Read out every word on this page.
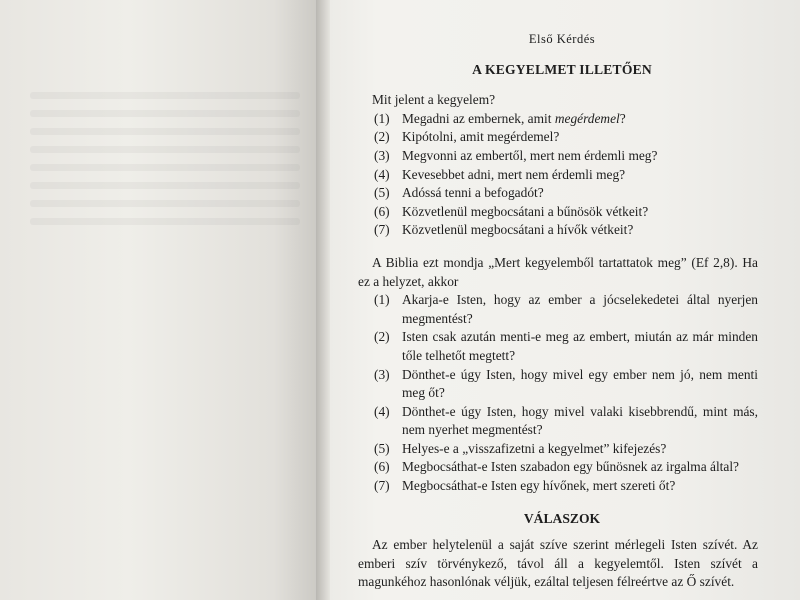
Első Kérdés
A KEGYELMET ILLETŐEN
Mit jelent a kegyelem?
(1) Megadni az embernek, amit megérdemel?
(2) Kipótolni, amit megérdemel?
(3) Megvonni az embertől, mert nem érdemli meg?
(4) Kevesebbet adni, mert nem érdemli meg?
(5) Adóssá tenni a befogadót?
(6) Közvetlenül megbocsátani a bűnösök vétkeit?
(7) Közvetlenül megbocsátani a hívők vétkeit?
A Biblia ezt mondja „Mert kegyelemből tartattatok meg” (Ef 2,8). Ha ez a helyzet, akkor
(1) Akarja-e Isten, hogy az ember a jócselekedetei által nyerjen megmentést?
(2) Isten csak azután menti-e meg az embert, miután az már minden tőle telhetőt megtett?
(3) Dönthet-e úgy Isten, hogy mivel egy ember nem jó, nem menti meg őt?
(4) Dönthet-e úgy Isten, hogy mivel valaki kisebbrendű, mint más, nem nyerhet megmentést?
(5) Helyes-e a „visszafizetni a kegyelmet” kifejezés?
(6) Megbocsáthat-e Isten szabadon egy bűnösnek az irgalma által?
(7) Megbocsáthat-e Isten egy hívőnek, mert szereti őt?
VÁLASZOK
Az ember helytelenül a saját szíve szerint mérlegeli Isten szívét. Az emberi szív törvénykező, távol áll a kegyelemtől. Isten szívét a magunkéhoz hasonlónak véljük, ezáltal teljesen félreértve az Ő szívét.
